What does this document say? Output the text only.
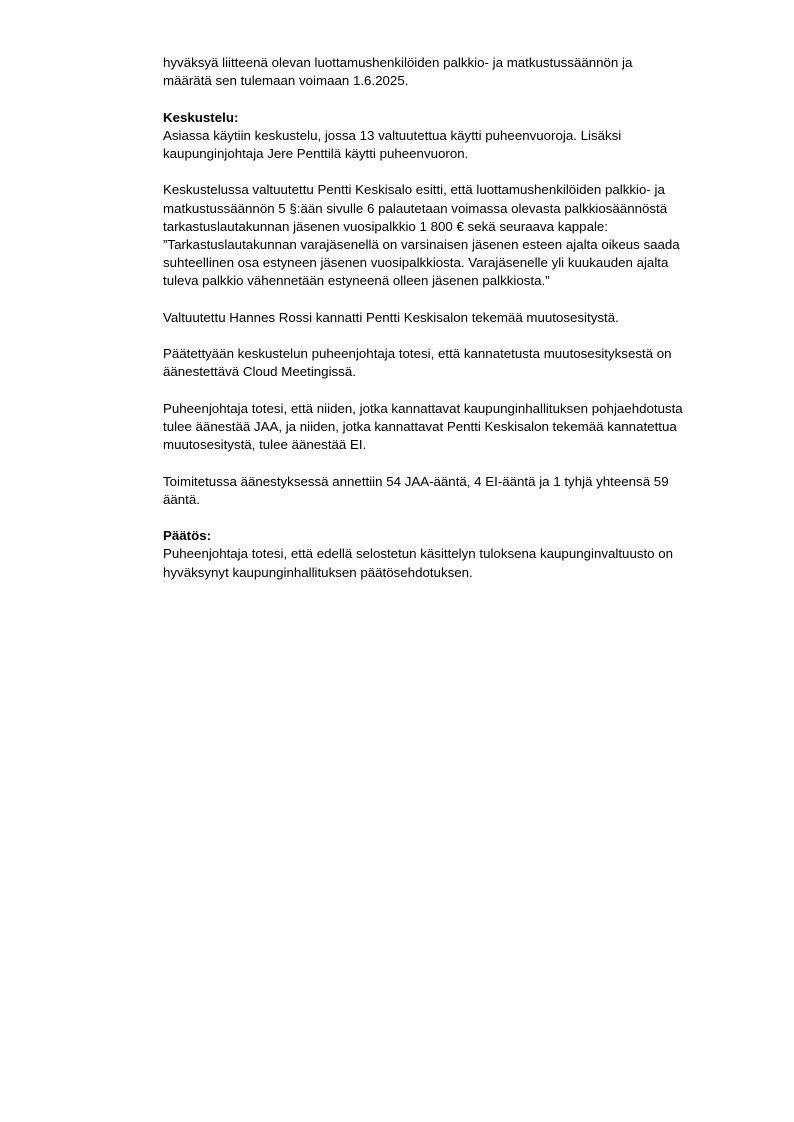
hyväksyä liitteenä olevan luottamushenkilöiden palkkio- ja matkustussäännön ja
määrätä sen tulemaan voimaan 1.6.2025.

Keskustelu:

Asiassa käytiin keskustelu, jossa 13 valtuutettua käytti puheenvuoroja. Lisäksi
kaupunginjohtaja Jere Penttilä käytti puheenvuoron.

Keskustelussa valtuutettu Pentti Keskisalo esitti, että luottamushenkilöiden palkkio- ja
matkustussäännön 5 §:ään sivulle 6 palautetaan voimassa olevasta palkkiosäännöstä
tarkastuslautakunnan jäsenen vuosipalkkio 1 800 € sekä seuraava kappale:
”Tarkastuslautakunnan varajäsenellä on varsinaisen jäsenen esteen ajalta oikeus saada
suhteellinen osa estyneen jäsenen vuosipalkkiosta. Varajäsenelle yli kuukauden ajalta
tuleva palkkio vähennetään estyneenä olleen jäsenen palkkiosta.”

Valtuutettu Hannes Rossi kannatti Pentti Keskisalon tekemää muutosesitystä.

Päätettyään keskustelun puheenjohtaja totesi, että kannatetusta muutosesityksestä on
äänestettävä Cloud Meetingissä.

Puheenjohtaja totesi, että niiden, jotka kannattavat kaupunginhallituksen pohjaehdotusta
tulee äänestää JAA, ja niiden, jotka kannattavat Pentti Keskisalon tekemää kannatettua
muutosesitystä, tulee äänestää EI.

Toimitetussa äänestyksessä annettiin 54 JAA-ääntä, 4 EI-ääntä ja 1 tyhjä yhteensä 59
ääntä.

Päätös:

Puheenjohtaja totesi, että edellä selostetun käsittelyn tuloksena kaupunginvaltuusto on
hyväksynyt kaupunginhallituksen päätösehdotuksen.
